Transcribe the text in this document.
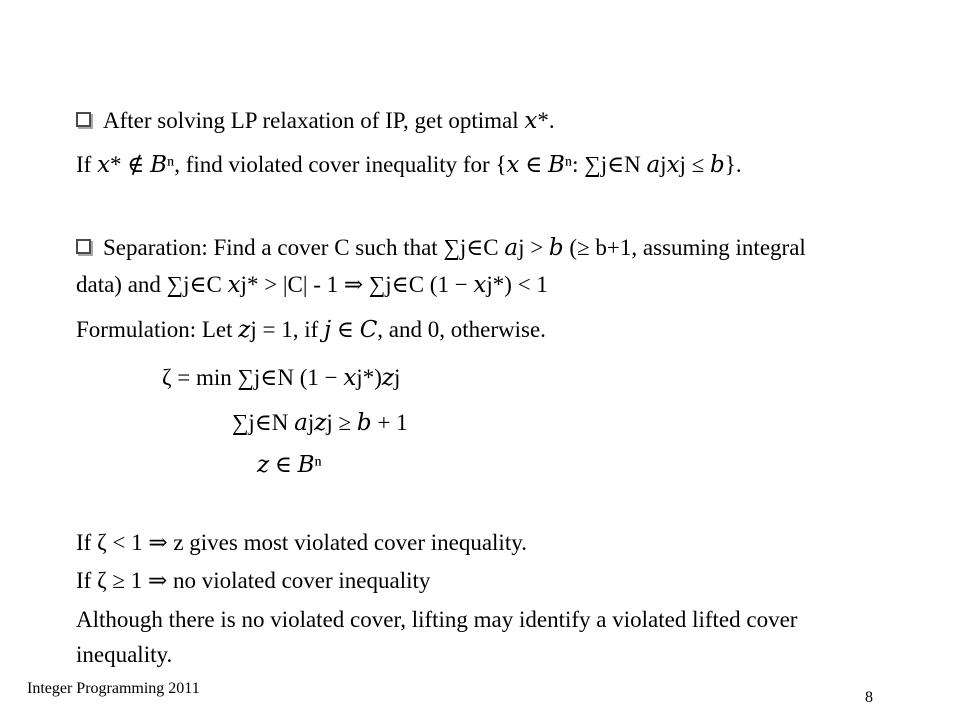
After solving LP relaxation of IP, get optimal 𝑥*.
If 𝑥* ∉ 𝐵ⁿ, find violated cover inequality for {𝑥 ∈ 𝐵ⁿ: ∑j∈N 𝑎j𝑥j ≤ 𝑏}.
Separation: Find a cover C such that ∑j∈C 𝑎j > 𝑏 (≥ b+1, assuming integral
data) and ∑j∈C 𝑥j* > |C| - 1 ⇒ ∑j∈C (1 − 𝑥j*) < 1
Formulation: Let 𝑧j = 1, if 𝑗 ∈ 𝐶, and 0, otherwise.
ζ = min ∑j∈N (1 − 𝑥j*)𝑧j
∑j∈N 𝑎j𝑧j ≥ 𝑏 + 1
𝑧 ∈ 𝐵ⁿ
If ζ < 1 ⇒ z gives most violated cover inequality.
If ζ ≥ 1 ⇒ no violated cover inequality
Although there is no violated cover, lifting may identify a violated lifted cover
inequality.
Integer Programming 2011
8
